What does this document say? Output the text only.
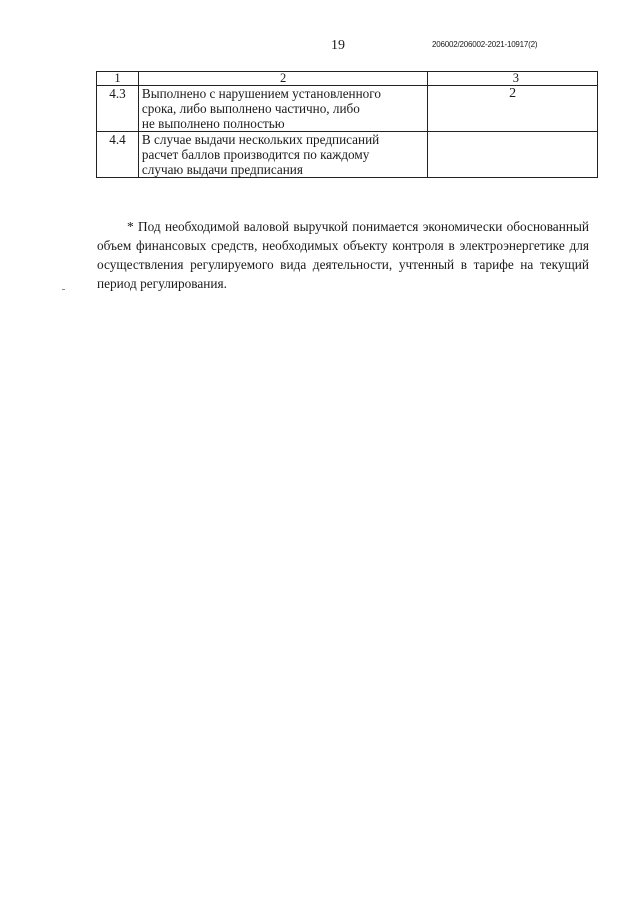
19	206002/206002-2021-10917(2)
1	2	3
4.3	Выполнено с нарушением установленного
срока, либо выполнено частично, либо
не выполнено полностью	2
4.4	В случае выдачи нескольких предписаний
расчет баллов производится по каждому
случаю выдачи предписания	

* Под необходимой валовой выручкой понимается экономически обоснованный объем финансовых средств, необходимых объекту контроля в электроэнергетике для осуществления регулируемого вида деятельности, учтенный в тарифе на текущий период регулирования.
